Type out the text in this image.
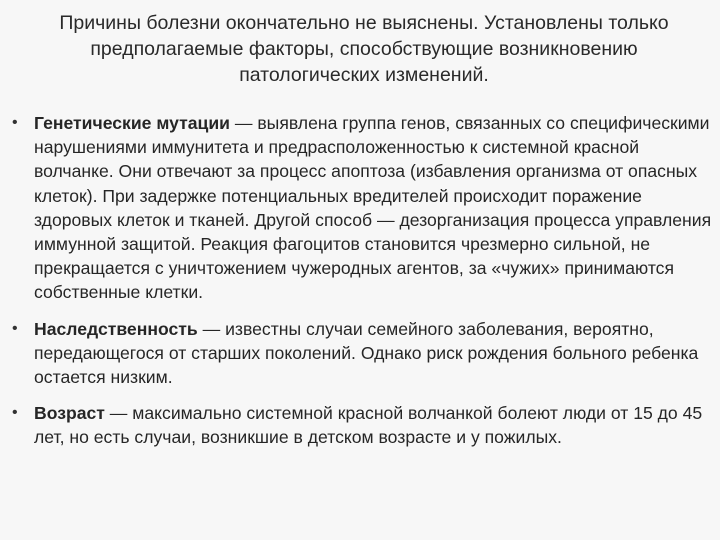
Причины болезни окончательно не выяснены. Установлены только предполагаемые факторы, способствующие возникновению патологических изменений.
• Генетические мутации — выявлена группа генов, связанных со специфическими нарушениями иммунитета и предрасположенностью к системной красной волчанке. Они отвечают за процесс апоптоза (избавления организма от опасных клеток). При задержке потенциальных вредителей происходит поражение здоровых клеток и тканей. Другой способ — дезорганизация процесса управления иммунной защитой. Реакция фагоцитов становится чрезмерно сильной, не прекращается с уничтожением чужеродных агентов, за «чужих» принимаются собственные клетки.
• Наследственность — известны случаи семейного заболевания, вероятно, передающегося от старших поколений. Однако риск рождения больного ребенка остается низким.
• Возраст — максимально системной красной волчанкой болеют люди от 15 до 45 лет, но есть случаи, возникшие в детском возрасте и у пожилых.
